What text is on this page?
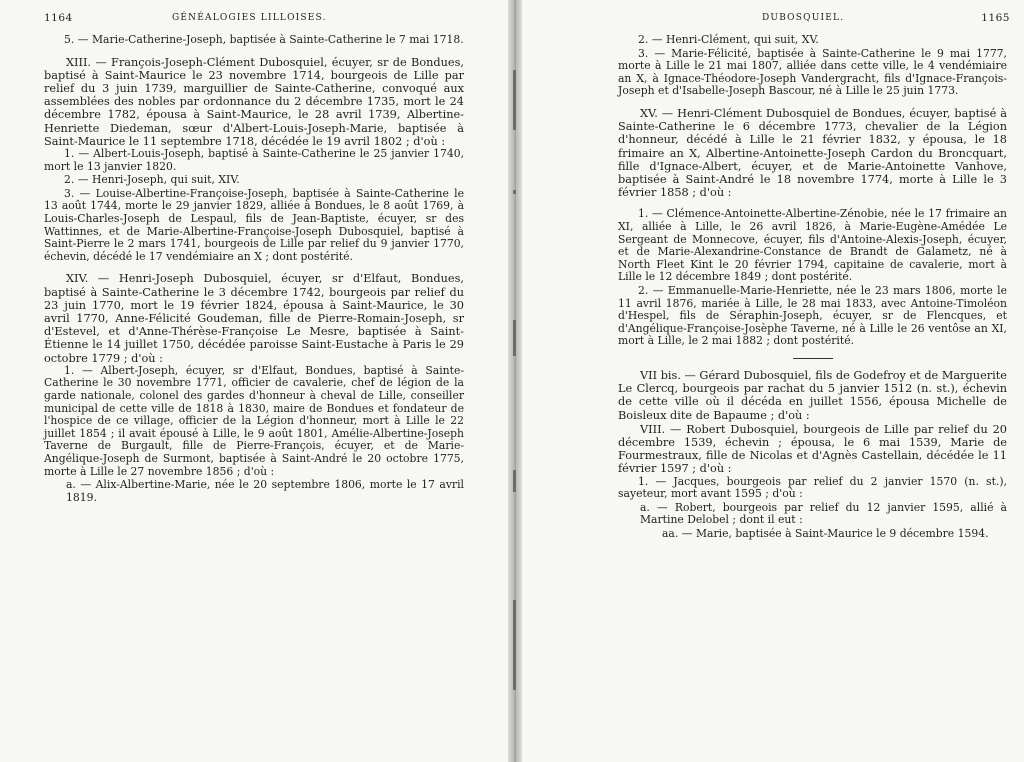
1164	GÉNÉALOGIES LILLOISES.

5. — Marie-Catherine-Joseph, baptisée à Sainte-Catherine le 7 mai 1718.

XIII. — François-Joseph-Clément Dubosquiel, écuyer, sr de Bondues, baptisé à Saint-Maurice le 23 novembre 1714, bourgeois de Lille par relief du 3 juin 1739, marguillier de Sainte-Catherine, convoqué aux assemblées des nobles par ordonnance du 2 décembre 1735, mort le 24 décembre 1782, épousa à Saint-Maurice, le 28 avril 1739, Albertine-Henriette Diedeman, sœur d'Albert-Louis-Joseph-Marie, baptisée à Saint-Maurice le 11 septembre 1718, décédée le 19 avril 1802 ; d'où :

1. — Albert-Louis-Joseph, baptisé à Sainte-Catherine le 25 janvier 1740, mort le 13 janvier 1820.

2. — Henri-Joseph, qui suit, XIV.

3. — Louise-Albertine-Françoise-Joseph, baptisée à Sainte-Catherine le 13 août 1744, morte le 29 janvier 1829, alliée à Bondues, le 8 août 1769, à Louis-Charles-Joseph de Lespaul, fils de Jean-Baptiste, écuyer, sr des Wattinnes, et de Marie-Albertine-Françoise-Joseph Dubosquiel, baptisé à Saint-Pierre le 2 mars 1741, bourgeois de Lille par relief du 9 janvier 1770, échevin, décédé le 17 vendémiaire an X ; dont postérité.

XIV. — Henri-Joseph Dubosquiel, écuyer, sr d'Elfaut, Bondues, baptisé à Sainte-Catherine le 3 décembre 1742, bourgeois par relief du 23 juin 1770, mort le 19 février 1824, épousa à Saint-Maurice, le 30 avril 1770, Anne-Félicité Goudeman, fille de Pierre-Romain-Joseph, sr d'Estevel, et d'Anne-Thérèse-Françoise Le Mesre, baptisée à Saint-Étienne le 14 juillet 1750, décédée paroisse Saint-Eustache à Paris le 29 octobre 1779 ; d'où :

1. — Albert-Joseph, écuyer, sr d'Elfaut, Bondues, baptisé à Sainte-Catherine le 30 novembre 1771, officier de cavalerie, chef de légion de la garde nationale, colonel des gardes d'honneur à cheval de Lille, conseiller municipal de cette ville de 1818 à 1830, maire de Bondues et fondateur de l'hospice de ce village, officier de la Légion d'honneur, mort à Lille le 22 juillet 1854 ; il avait épousé à Lille, le 9 août 1801, Amélie-Albertine-Joseph Taverne de Burgault, fille de Pierre-François, écuyer, et de Marie-Angélique-Joseph de Surmont, baptisée à Saint-André le 20 octobre 1775, morte à Lille le 27 novembre 1856 ; d'où :

a. — Alix-Albertine-Marie, née le 20 septembre 1806, morte le 17 avril 1819.

DUBOSQUIEL.	1165

2. — Henri-Clément, qui suit, XV.

3. — Marie-Félicité, baptisée à Sainte-Catherine le 9 mai 1777, morte à Lille le 21 mai 1807, alliée dans cette ville, le 4 vendémiaire an X, à Ignace-Théodore-Joseph Vandergracht, fils d'Ignace-François-Joseph et d'Isabelle-Joseph Bascour, né à Lille le 25 juin 1773.

XV. — Henri-Clément Dubosquiel de Bondues, écuyer, baptisé à Sainte-Catherine le 6 décembre 1773, chevalier de la Légion d'honneur, décédé à Lille le 21 février 1832, y épousa, le 18 frimaire an X, Albertine-Antoinette-Joseph Cardon du Broncquart, fille d'Ignace-Albert, écuyer, et de Marie-Antoinette Vanhove, baptisée à Saint-André le 18 novembre 1774, morte à Lille le 3 février 1858 ; d'où :

1. — Clémence-Antoinette-Albertine-Zénobie, née le 17 frimaire an XI, alliée à Lille, le 26 avril 1826, à Marie-Eugène-Amédée Le Sergeant de Monnecove, écuyer, fils d'Antoine-Alexis-Joseph, écuyer, et de Marie-Alexandrine-Constance de Brandt de Galametz, né à North Fleet Kint le 20 février 1794, capitaine de cavalerie, mort à Lille le 12 décembre 1849 ; dont postérité.

2. — Emmanuelle-Marie-Henriette, née le 23 mars 1806, morte le 11 avril 1876, mariée à Lille, le 28 mai 1833, avec Antoine-Timoléon d'Hespel, fils de Séraphin-Joseph, écuyer, sr de Flencques, et d'Angélique-Françoise-Josèphe Taverne, né à Lille le 26 ventôse an XI, mort à Lille, le 2 mai 1882 ; dont postérité.

VII bis. — Gérard Dubosquiel, fils de Godefroy et de Marguerite Le Clercq, bourgeois par rachat du 5 janvier 1512 (n. st.), échevin de cette ville où il décéda en juillet 1556, épousa Michelle de Boisleux dite de Bapaume ; d'où :

VIII. — Robert Dubosquiel, bourgeois de Lille par relief du 20 décembre 1539, échevin ; épousa, le 6 mai 1539, Marie de Fourmestraux, fille de Nicolas et d'Agnès Castellain, décédée le 11 février 1597 ; d'où :

1. — Jacques, bourgeois par relief du 2 janvier 1570 (n. st.), sayeteur, mort avant 1595 ; d'où :

a. — Robert, bourgeois par relief du 12 janvier 1595, allié à Martine Delobel ; dont il eut :

aa. — Marie, baptisée à Saint-Maurice le 9 décembre 1594.
